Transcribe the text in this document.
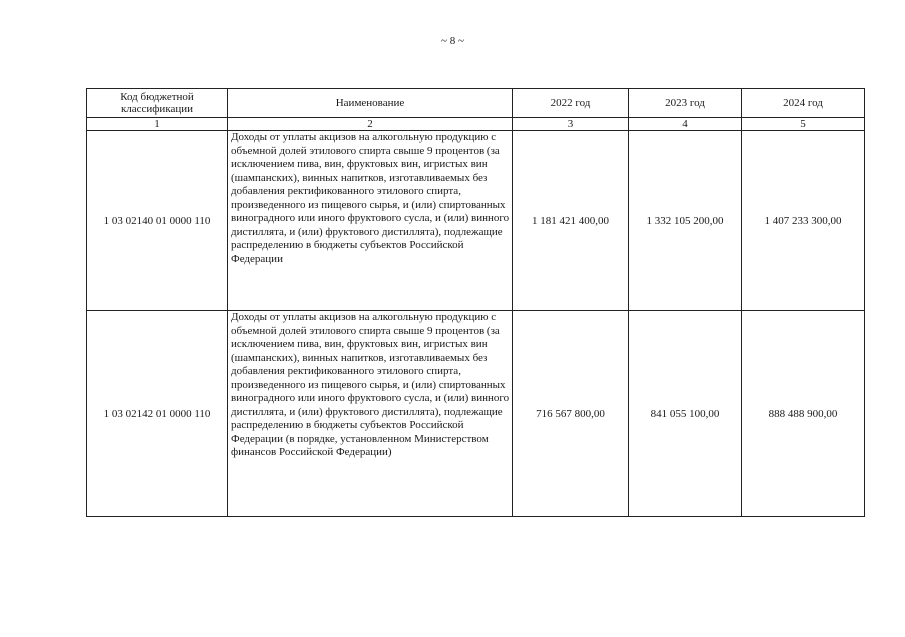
~ 8 ~
Код бюджетной классификации	Наименование	2022 год	2023 год	2024 год
1	2	3	4	5
1 03 02140 01 0000 110	Доходы от уплаты акцизов на алкогольную продукцию с объемной долей этилового спирта свыше 9 процентов (за исключением пива, вин, фруктовых вин, игристых вин (шампанских), винных напитков, изготавливаемых без добавления ректификованного этилового спирта, произведенного из пищевого сырья, и (или) спиртованных виноградного или иного фруктового сусла, и (или) винного дистиллята, и (или) фруктового дистиллята), подлежащие распределению в бюджеты субъектов Российской Федерации	1 181 421 400,00	1 332 105 200,00	1 407 233 300,00
1 03 02142 01 0000 110	Доходы от уплаты акцизов на алкогольную продукцию с объемной долей этилового спирта свыше 9 процентов (за исключением пива, вин, фруктовых вин, игристых вин (шампанских), винных напитков, изготавливаемых без добавления ректификованного этилового спирта, произведенного из пищевого сырья, и (или) спиртованных виноградного или иного фруктового сусла, и (или) винного дистиллята, и (или) фруктового дистиллята), подлежащие распределению в бюджеты субъектов Российской Федерации (в порядке, установленном Министерством финансов Российской Федерации)	716 567 800,00	841 055 100,00	888 488 900,00
